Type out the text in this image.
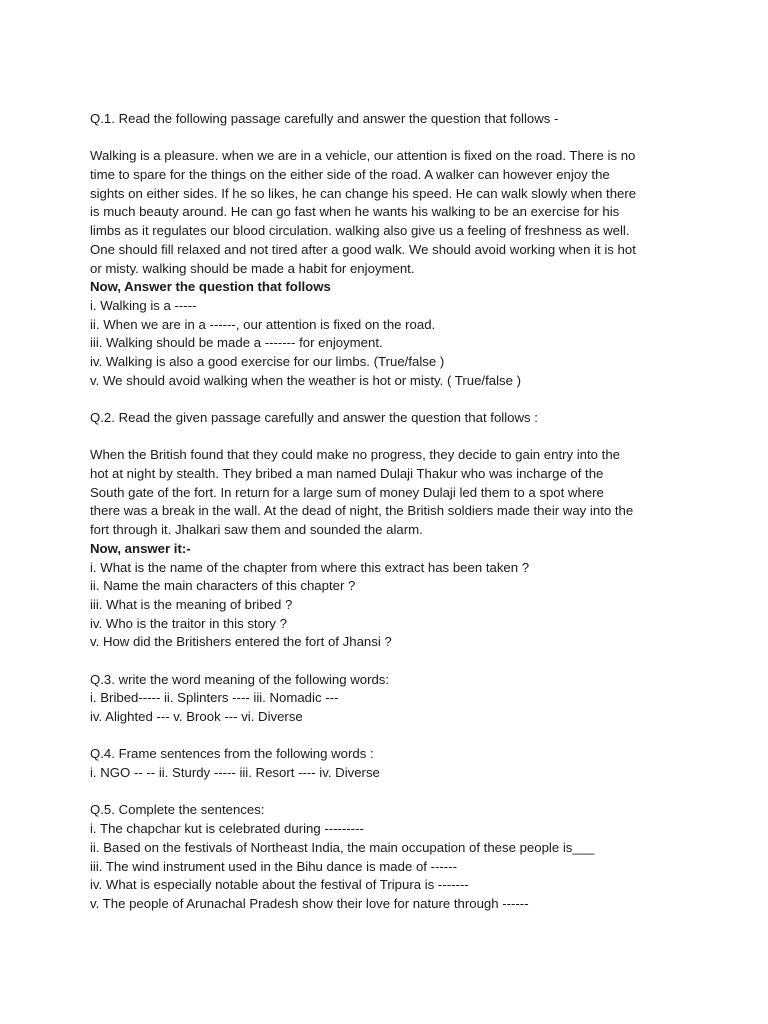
Q.1. Read the following passage carefully and answer the question that follows -
Walking is a pleasure. when we are in a vehicle, our attention is fixed on the road. There is no
time to spare for the things on the either side of the road. A walker can however enjoy the
sights on either sides. If he so likes, he can change his speed. He can walk slowly when there
is much beauty around. He can go fast when he wants his walking to be an exercise for his
limbs as it regulates our blood circulation. walking also give us a feeling of freshness as well.
One should fill relaxed and not tired after a good walk. We should avoid working when it is hot
or misty. walking should be made a habit for enjoyment.
Now, Answer the question that follows
i. Walking is a -----
ii. When we are in a ------, our attention is fixed on the road.
iii. Walking should be made a ------- for enjoyment.
iv. Walking is also a good exercise for our limbs. (True/false )
v. We should avoid walking when the weather is hot or misty. ( True/false )
Q.2. Read the given passage carefully and answer the question that follows :
When the British found that they could make no progress, they decide to gain entry into the
hot at night by stealth. They bribed a man named Dulaji Thakur who was incharge of the
South gate of the fort. In return for a large sum of money Dulaji led them to a spot where
there was a break in the wall. At the dead of night, the British soldiers made their way into the
fort through it. Jhalkari saw them and sounded the alarm.
Now, answer it:-
i. What is the name of the chapter from where this extract has been taken ?
ii. Name the main characters of this chapter ?
iii. What is the meaning of bribed ?
iv. Who is the traitor in this story ?
v. How did the Britishers entered the fort of Jhansi ?
Q.3. write the word meaning of the following words:
i. Bribed----- ii. Splinters ---- iii. Nomadic ---
iv. Alighted --- v. Brook --- vi. Diverse
Q.4. Frame sentences from the following words :
i. NGO -- -- ii. Sturdy ----- iii. Resort ---- iv. Diverse
Q.5. Complete the sentences:
i. The chapchar kut is celebrated during ---------
ii. Based on the festivals of Northeast India, the main occupation of these people is___
iii. The wind instrument used in the Bihu dance is made of ------
iv. What is especially notable about the festival of Tripura is -------
v. The people of Arunachal Pradesh show their love for nature through ------
